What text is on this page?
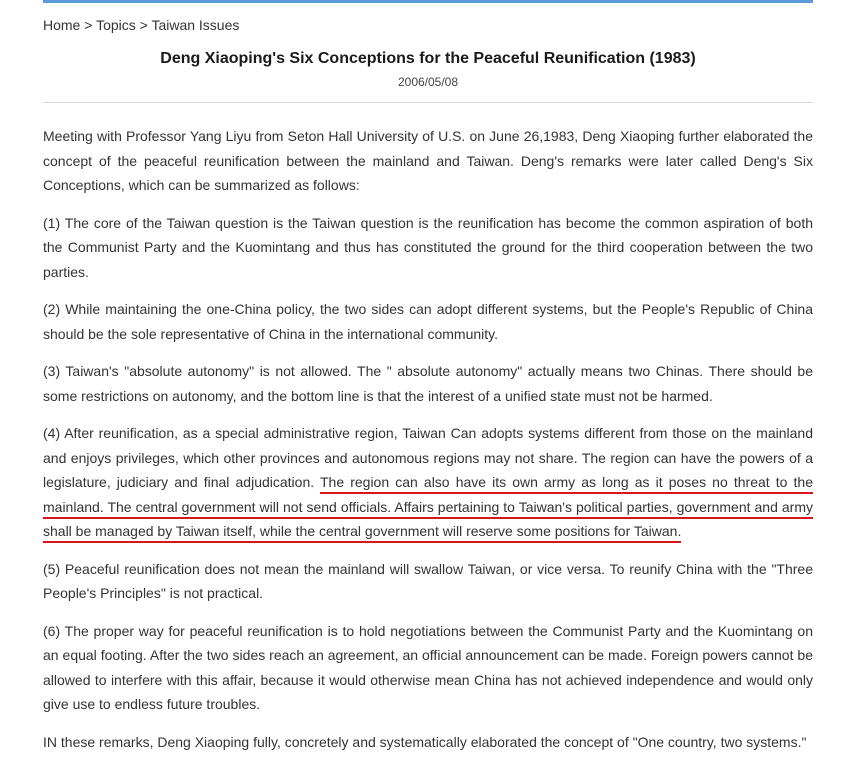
Home > Topics > Taiwan Issues
Deng Xiaoping's Six Conceptions for the Peaceful Reunification (1983)
2006/05/08

Meeting with Professor Yang Liyu from Seton Hall University of U.S. on June 26,1983, Deng Xiaoping further elaborated the concept of the peaceful reunification between the mainland and Taiwan. Deng's remarks were later called Deng's Six Conceptions, which can be summarized as follows:

(1) The core of the Taiwan question is the Taiwan question is the reunification has become the common aspiration of both the Communist Party and the Kuomintang and thus has constituted the ground for the third cooperation between the two parties.

(2) While maintaining the one-China policy, the two sides can adopt different systems, but the People's Republic of China should be the sole representative of China in the international community.

(3) Taiwan's "absolute autonomy" is not allowed. The " absolute autonomy" actually means two Chinas. There should be some restrictions on autonomy, and the bottom line is that the interest of a unified state must not be harmed.

(4) After reunification, as a special administrative region, Taiwan Can adopts systems different from those on the mainland and enjoys privileges, which other provinces and autonomous regions may not share. The region can have the powers of a legislature, judiciary and final adjudication. The region can also have its own army as long as it poses no threat to the mainland. The central government will not send officials. Affairs pertaining to Taiwan's political parties, government and army shall be managed by Taiwan itself, while the central government will reserve some positions for Taiwan.

(5) Peaceful reunification does not mean the mainland will swallow Taiwan, or vice versa. To reunify China with the "Three People's Principles" is not practical.

(6) The proper way for peaceful reunification is to hold negotiations between the Communist Party and the Kuomintang on an equal footing. After the two sides reach an agreement, an official announcement can be made. Foreign powers cannot be allowed to interfere with this affair, because it would otherwise mean China has not achieved independence and would only give use to endless future troubles.

IN these remarks, Deng Xiaoping fully, concretely and systematically elaborated the concept of "One country, two systems."
